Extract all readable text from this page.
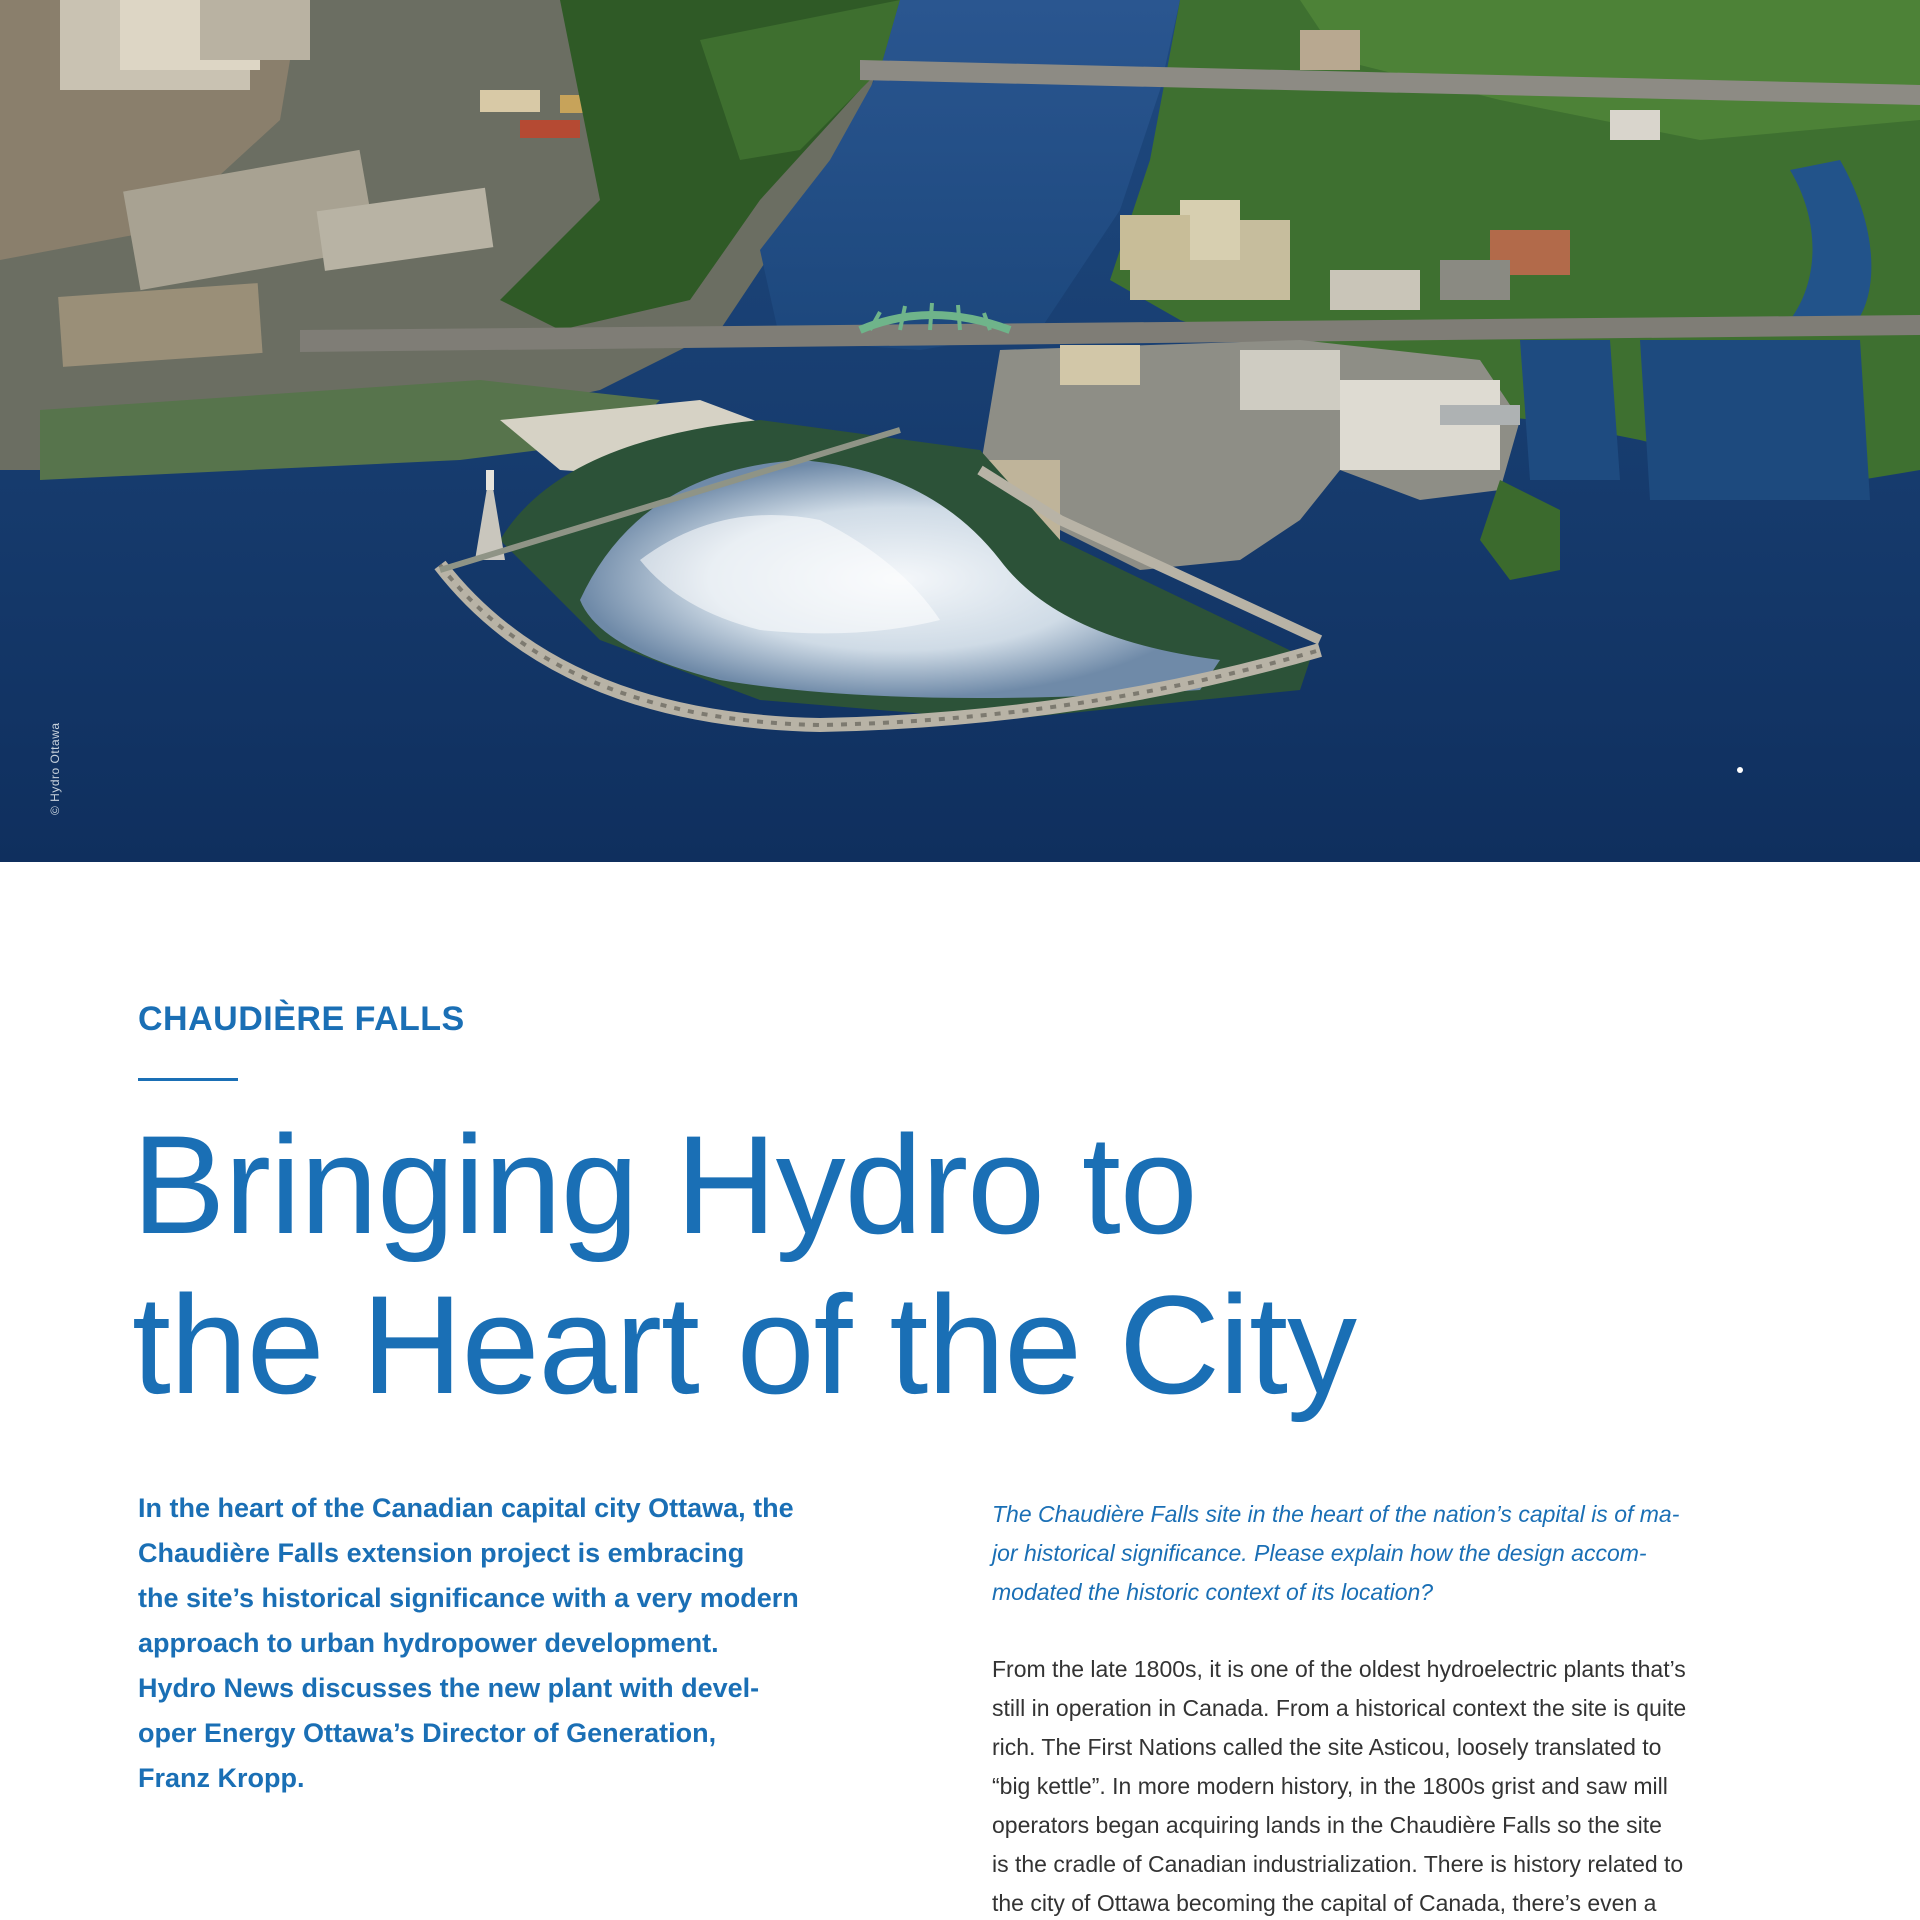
© Hydro Ottawa
CHAUDIÈRE FALLS
Bringing Hydro to
the Heart of the City
In the heart of the Canadian capital city Ottawa, the
Chaudière Falls extension project is embracing
the site’s historical significance with a very modern
approach to urban hydropower development.
Hydro News discusses the new plant with devel-
oper Energy Ottawa’s Director of Generation,
Franz Kropp.
The Chaudière Falls site in the heart of the nation’s capital is of ma-
jor historical significance. Please explain how the design accom-
modated the historic context of its location?
From the late 1800s, it is one of the oldest hydroelectric plants that’s
still in operation in Canada. From a historical context the site is quite
rich. The First Nations called the site Asticou, loosely translated to
“big kettle”. In more modern history, in the 1800s grist and saw mill
operators began acquiring lands in the Chaudière Falls so the site
is the cradle of Canadian industrialization. There is history related to
the city of Ottawa becoming the capital of Canada, there’s even a
